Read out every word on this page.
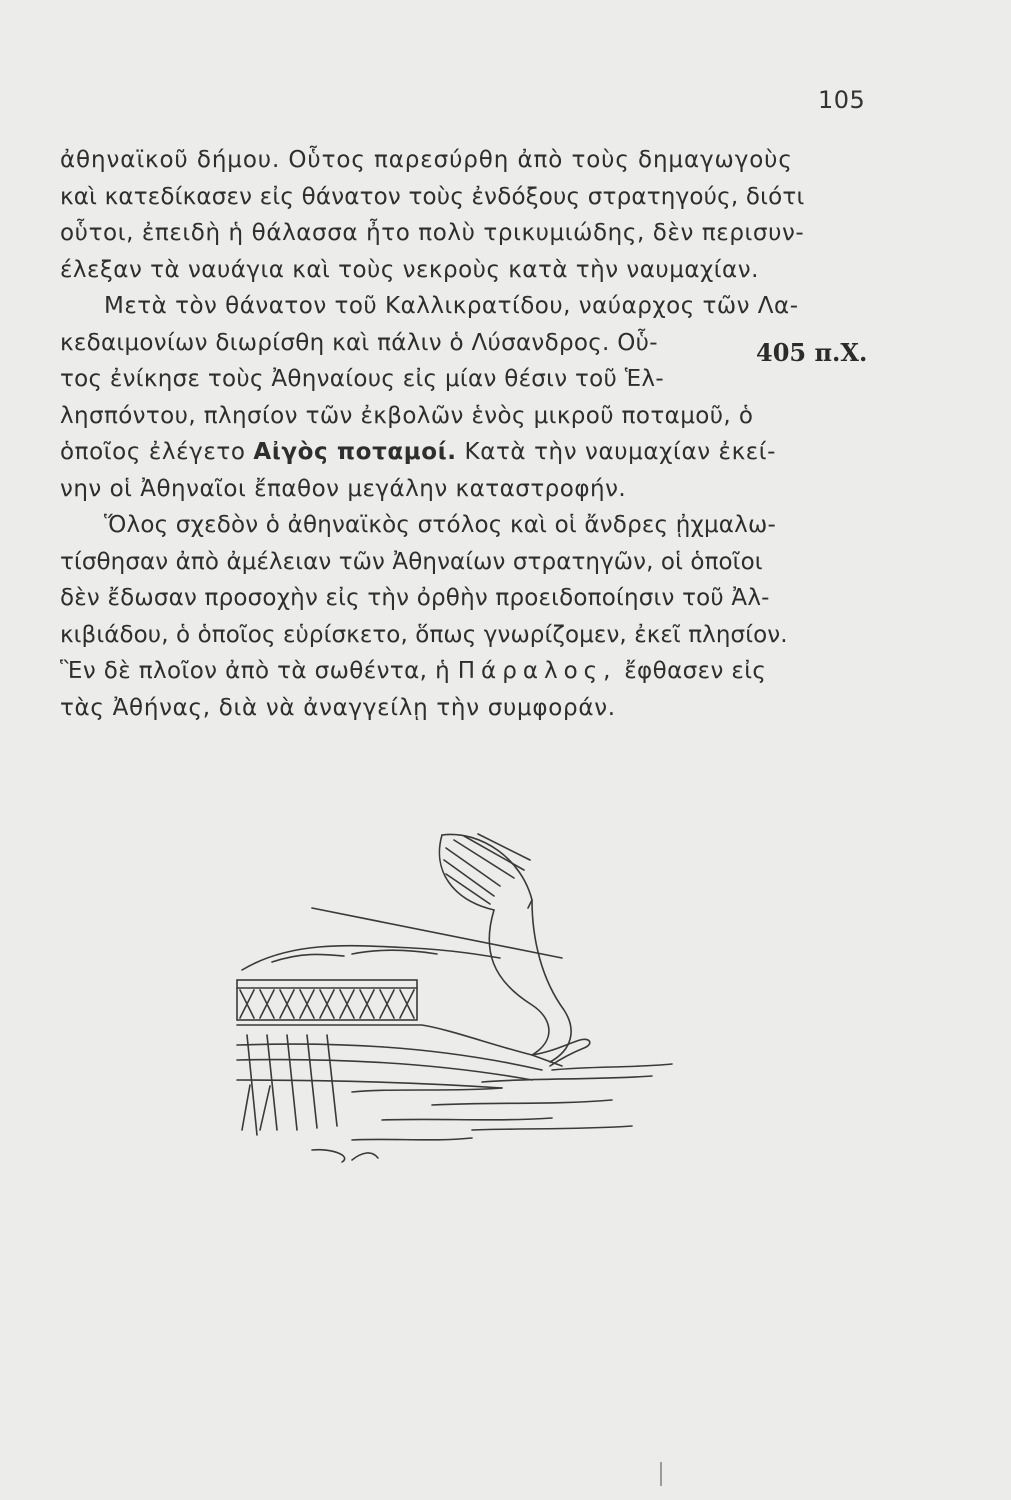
105
405 π.Χ.
ἀθηναϊκοῦ δήμου. Οὗτος παρεσύρθη ἀπὸ τοὺς δημαγωγοὺς
καὶ κατεδίκασεν εἰς θάνατον τοὺς ἐνδόξους στρατηγούς, διότι
οὗτοι, ἐπειδὴ ἡ θάλασσα ἦτο πολὺ τρικυμιώδης, δὲν περισυν-
έλεξαν τὰ ναυάγια καὶ τοὺς νεκροὺς κατὰ τὴν ναυμαχίαν.
Μετὰ τὸν θάνατον τοῦ Καλλικρατίδου, ναύαρχος τῶν Λα-
κεδαιμονίων διωρίσθη καὶ πάλιν ὁ Λύσανδρος. Οὗ-
τος ἐνίκησε τοὺς Ἀθηναίους εἰς μίαν θέσιν τοῦ Ἑλ-
λησπόντου, πλησίον τῶν ἐκβολῶν ἑνὸς μικροῦ ποταμοῦ, ὁ
ὁποῖος ἐλέγετο Αἰγὸς ποταμοί. Κατὰ τὴν ναυμαχίαν ἐκεί-
νην οἱ Ἀθηναῖοι ἔπαθον μεγάλην καταστροφήν.
Ὅλος σχεδὸν ὁ ἀθηναϊκὸς στόλος καὶ οἱ ἄνδρες ᾐχμαλω-
τίσθησαν ἀπὸ ἀμέλειαν τῶν Ἀθηναίων στρατηγῶν, οἱ ὁποῖοι
δὲν ἔδωσαν προσοχὴν εἰς τὴν ὀρθὴν προειδοποίησιν τοῦ Ἀλ-
κιβιάδου, ὁ ὁποῖος εὑρίσκετο, ὅπως γνωρίζομεν, ἐκεῖ πλησίον.
Ἓν δὲ πλοῖον ἀπὸ τὰ σωθέντα, ἡ Πάραλος, ἔφθασεν εἰς
τὰς Ἀθήνας, διὰ νὰ ἀναγγείλῃ τὴν συμφοράν.
